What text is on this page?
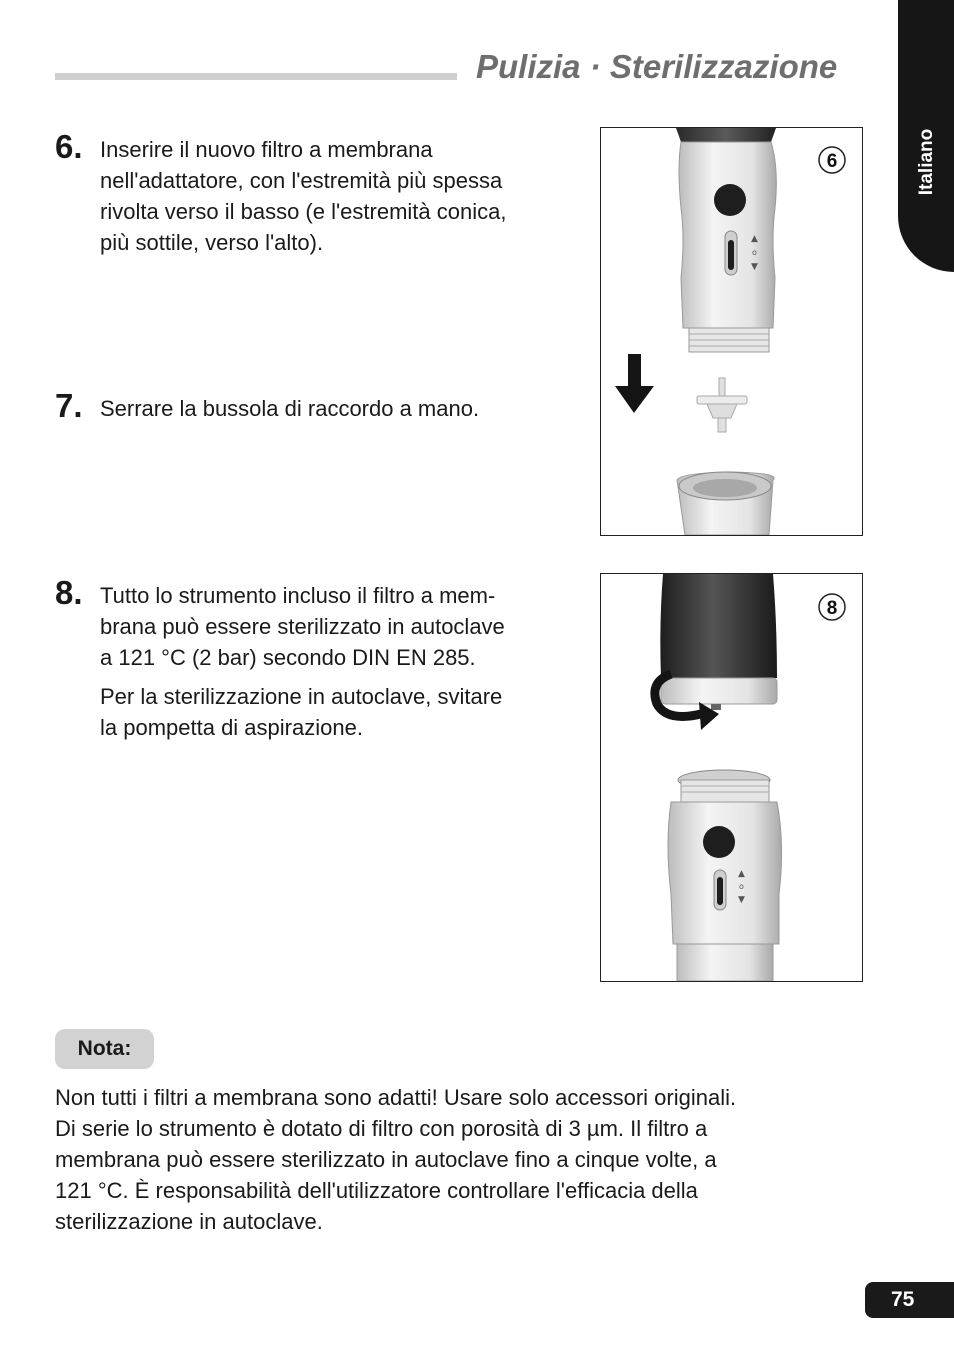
Pulizia · Sterilizzazione
Italiano
6. Inserire il nuovo filtro a membrana
nell'adattatore, con l'estremità più spessa
rivolta verso il basso (e l'estremità conica,
più sottile, verso l'alto).
7. Serrare la bussola di raccordo a mano.
8. Tutto lo strumento incluso il filtro a mem-
brana può essere sterilizzato in autoclave
a 121 °C (2 bar) secondo DIN EN 285.
Per la sterilizzazione in autoclave, svitare
la pompetta di aspirazione.
▲
o
▼
6
▲
o
▼
8
Nota:
Non tutti i filtri a membrana sono adatti! Usare solo accessori originali.
Di serie lo strumento è dotato di filtro con porosità di 3 µm. Il filtro a
membrana può essere sterilizzato in autoclave fino a cinque volte, a
121 °C. È responsabilità dell'utilizzatore controllare l'efficacia della
sterilizzazione in autoclave.
75
